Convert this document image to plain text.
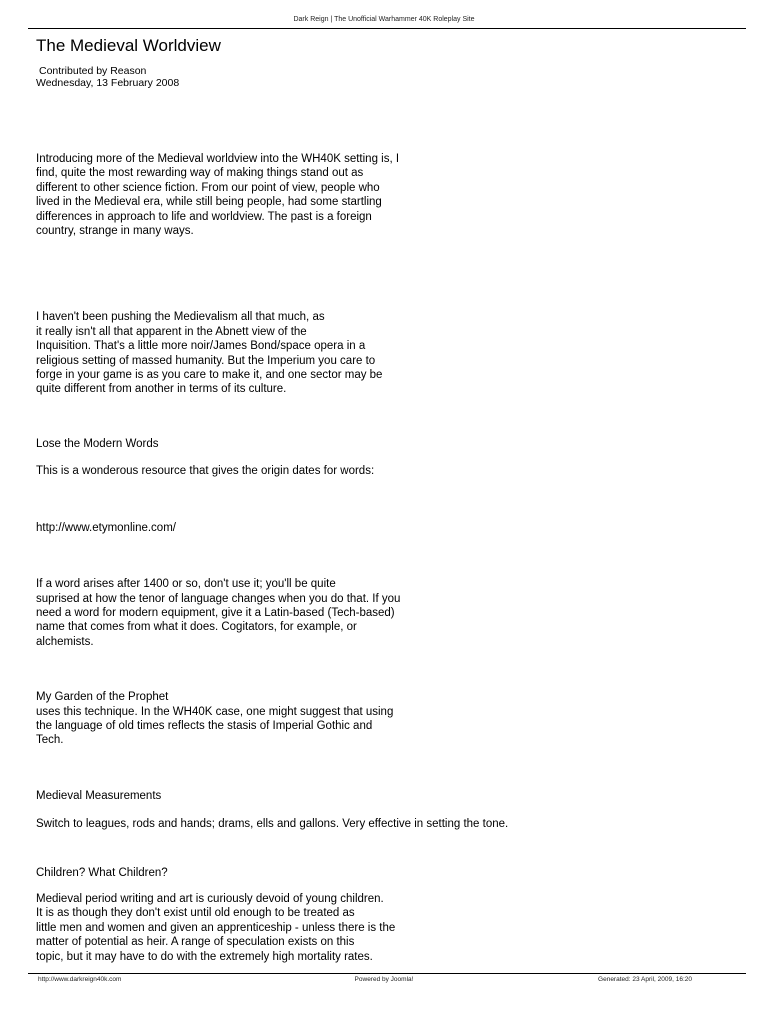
Dark Reign | The Unofficial Warhammer 40K Roleplay Site
The Medieval Worldview
Contributed by Reason
Wednesday, 13 February 2008

Introducing more of the Medieval worldview into the WH40K setting is, I
find, quite the most rewarding way of making things stand out as
different to other science fiction. From our point of view, people who
lived in the Medieval era, while still being people, had some startling
differences in approach to life and worldview. The past is a foreign
country, strange in many ways.

I haven't been pushing the Medievalism all that much, as
it really isn't all that apparent in the Abnett view of the
Inquisition. That's a little more noir/James Bond/space opera in a
religious setting of massed humanity. But the Imperium you care to
forge in your game is as you care to make it, and one sector may be
quite different from another in terms of its culture.

Lose the Modern Words

This is a wonderous resource that gives the origin dates for words:

http://www.etymonline.com/

If a word arises after 1400 or so, don't use it; you'll be quite
suprised at how the tenor of language changes when you do that. If you
need a word for modern equipment, give it a Latin-based (Tech-based)
name that comes from what it does. Cogitators, for example, or
alchemists.

My Garden of the Prophet
uses this technique. In the WH40K case, one might suggest that using
the language of old times reflects the stasis of Imperial Gothic and
Tech.

Medieval Measurements

Switch to leagues, rods and hands; drams, ells and gallons. Very effective in setting the tone.

Children? What Children?

Medieval period writing and art is curiously devoid of young children.
It is as though they don't exist until old enough to be treated as
little men and women and given an apprenticeship - unless there is the
matter of potential as heir. A range of speculation exists on this
topic, but it may have to do with the extremely high mortality rates.

http://www.darkreign40k.com	Powered by Joomla!	Generated: 23 April, 2009, 16:20
